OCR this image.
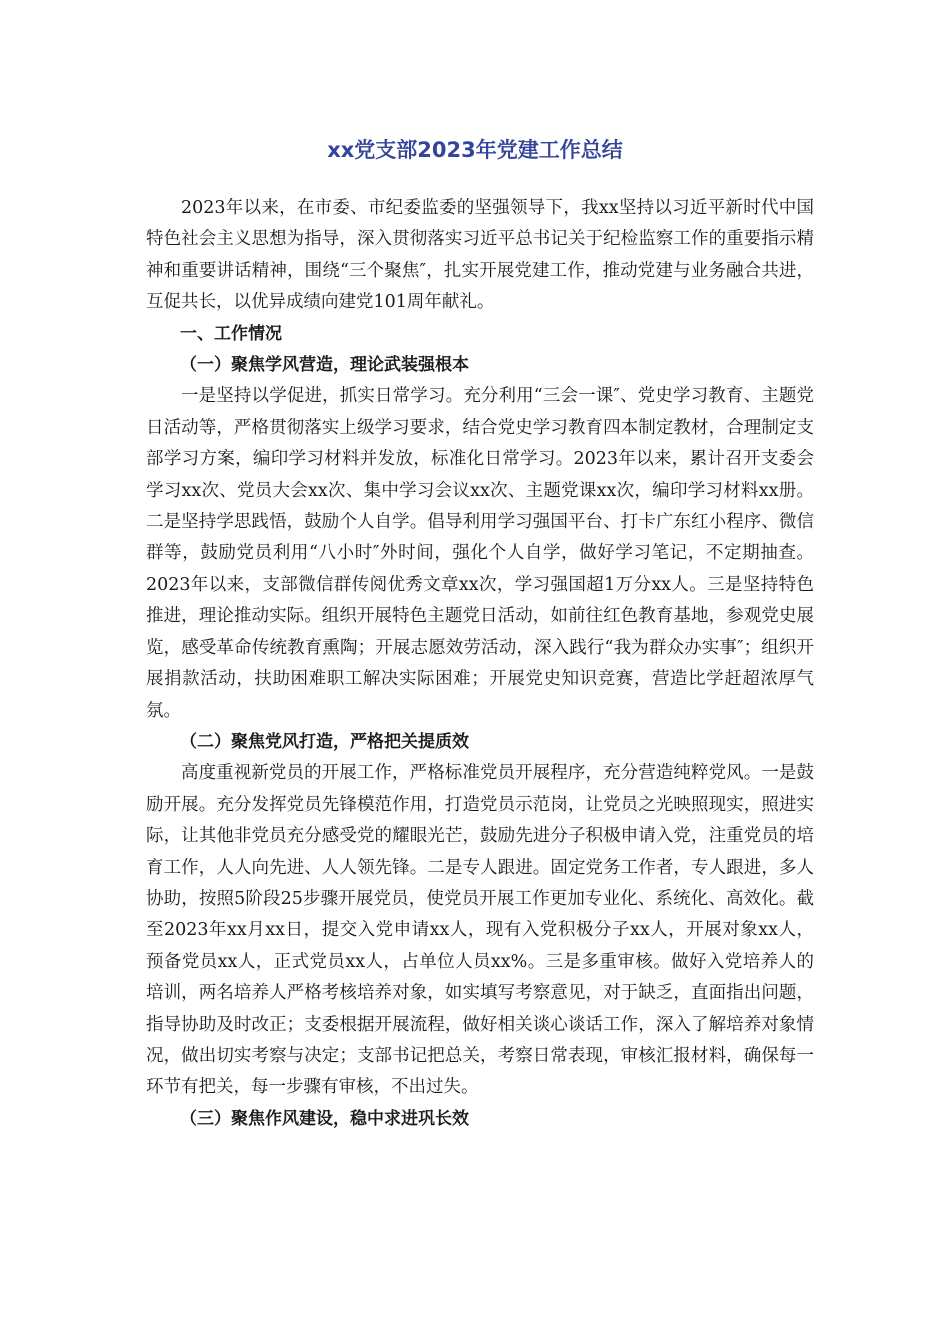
xx党支部2023年党建工作总结

2023年以来，在市委、市纪委监委的坚强领导下，我xx坚持以习近平新时代中国特色社会主义思想为指导，深入贯彻落实习近平总书记关于纪检监察工作的重要指示精神和重要讲话精神，围绕“三个聚焦″，扎实开展党建工作，推动党建与业务融合共进，互促共长，以优异成绩向建党101周年献礼。

一、工作情况

（一）聚焦学风营造，理论武装强根本

一是坚持以学促进，抓实日常学习。充分利用“三会一课″、党史学习教育、主题党日活动等，严格贯彻落实上级学习要求，结合党史学习教育四本制定教材，合理制定支部学习方案，编印学习材料并发放，标准化日常学习。2023年以来，累计召开支委会学习xx次、党员大会xx次、集中学习会议xx次、主题党课xx次，编印学习材料xx册。二是坚持学思践悟，鼓励个人自学。倡导利用学习强国平台、打卡广东红小程序、微信群等，鼓励党员利用“八小时″外时间，强化个人自学，做好学习笔记，不定期抽查。2023年以来，支部微信群传阅优秀文章xx次，学习强国超1万分xx人。三是坚持特色推进，理论推动实际。组织开展特色主题党日活动，如前往红色教育基地，参观党史展览，感受革命传统教育熏陶；开展志愿效劳活动，深入践行“我为群众办实事″；组织开展捐款活动，扶助困难职工解决实际困难；开展党史知识竞赛，营造比学赶超浓厚气氛。

（二）聚焦党风打造，严格把关提质效

高度重视新党员的开展工作，严格标准党员开展程序，充分营造纯粹党风。一是鼓励开展。充分发挥党员先锋模范作用，打造党员示范岗，让党员之光映照现实，照进实际，让其他非党员充分感受党的耀眼光芒，鼓励先进分子积极申请入党，注重党员的培育工作，人人向先进、人人领先锋。二是专人跟进。固定党务工作者，专人跟进，多人协助，按照5阶段25步骤开展党员，使党员开展工作更加专业化、系统化、高效化。截至2023年xx月xx日，提交入党申请xx人，现有入党积极分子xx人，开展对象xx人，预备党员xx人，正式党员xx人，占单位人员xx%。三是多重审核。做好入党培养人的培训，两名培养人严格考核培养对象，如实填写考察意见，对于缺乏，直面指出问题，指导协助及时改正；支委根据开展流程，做好相关谈心谈话工作，深入了解培养对象情况，做出切实考察与决定；支部书记把总关，考察日常表现，审核汇报材料，确保每一环节有把关，每一步骤有审核，不出过失。

（三）聚焦作风建设，稳中求进巩长效
